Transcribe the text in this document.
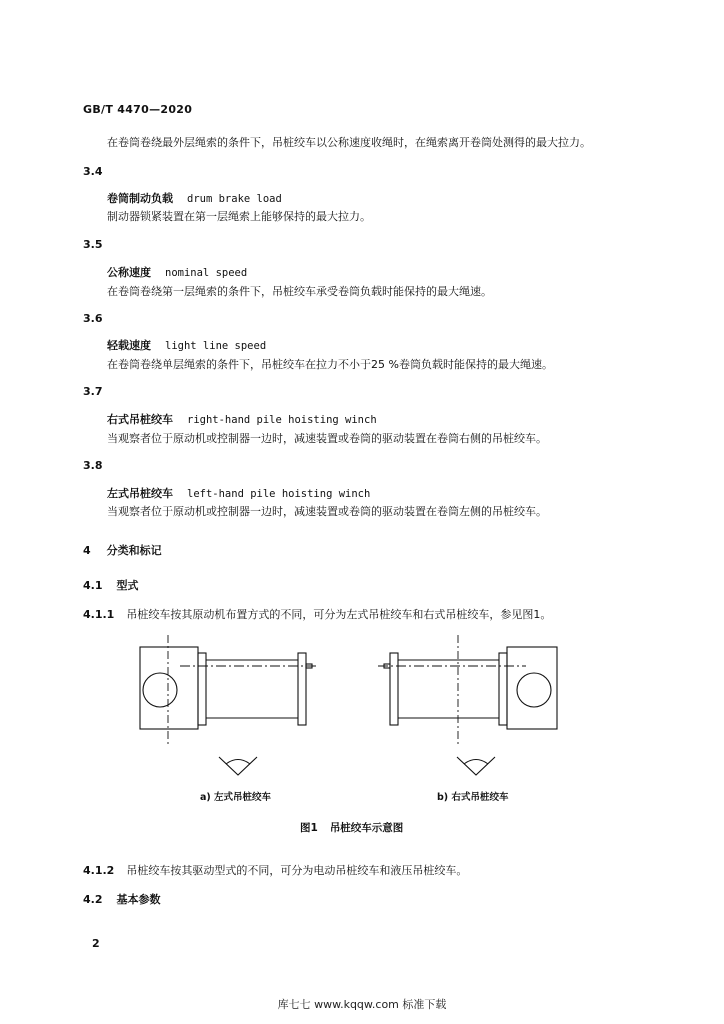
GB/T 4470—2020
在卷筒卷绕最外层绳索的条件下，吊桩绞车以公称速度收绳时，在绳索离开卷筒处测得的最大拉力。
3.4
卷筒制动负载 drum brake load
制动器锁紧装置在第一层绳索上能够保持的最大拉力。
3.5
公称速度 nominal speed
在卷筒卷绕第一层绳索的条件下，吊桩绞车承受卷筒负载时能保持的最大绳速。
3.6
轻载速度 light line speed
在卷筒卷绕单层绳索的条件下，吊桩绞车在拉力不小于25 %卷筒负载时能保持的最大绳速。
3.7
右式吊桩绞车 right-hand pile hoisting winch
当观察者位于原动机或控制器一边时，减速装置或卷筒的驱动装置在卷筒右侧的吊桩绞车。
3.8
左式吊桩绞车 left-hand pile hoisting winch
当观察者位于原动机或控制器一边时，减速装置或卷筒的驱动装置在卷筒左侧的吊桩绞车。
4 分类和标记
4.1 型式
4.1.1 吊桩绞车按其原动机布置方式的不同，可分为左式吊桩绞车和右式吊桩绞车，参见图1。
a) 左式吊桩绞车	b) 右式吊桩绞车
图1 吊桩绞车示意图
4.1.2 吊桩绞车按其驱动型式的不同，可分为电动吊桩绞车和液压吊桩绞车。
4.2 基本参数
2
库七七 www.kqqw.com 标准下载
